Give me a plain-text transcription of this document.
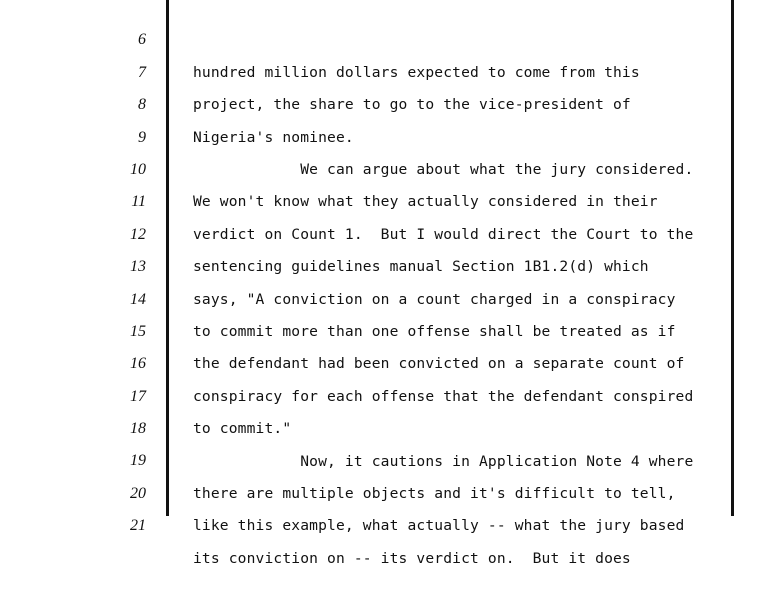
6

hundred million dollars expected to come from this

7

project, the share to go to the vice-president of

8

Nigeria's nominee.

9

We can argue about what the jury considered.

10

We won't know what they actually considered in their

11

verdict on Count 1.  But I would direct the Court to the

12

sentencing guidelines manual Section 1B1.2(d) which

13

says, "A conviction on a count charged in a conspiracy

14

to commit more than one offense shall be treated as if

15

the defendant had been convicted on a separate count of

16

conspiracy for each offense that the defendant conspired

17

to commit."

18

Now, it cautions in Application Note 4 where

19

there are multiple objects and it's difficult to tell,

20

like this example, what actually -- what the jury based

21

its conviction on -- its verdict on.  But it does
